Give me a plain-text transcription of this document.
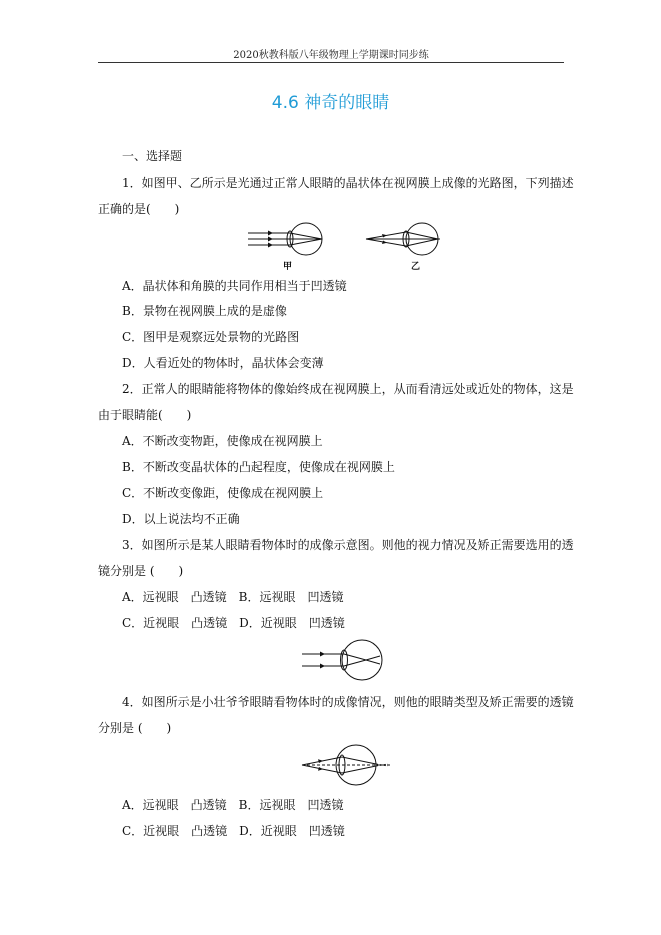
2020秋教科版八年级物理上学期课时同步练
4.6 神奇的眼睛
一、选择题
1．如图甲、乙所示是光通过正常人眼睛的晶状体在视网膜上成像的光路图，下列描述
正确的是(　　)
甲	乙
A．晶状体和角膜的共同作用相当于凹透镜
B．景物在视网膜上成的是虚像
C．图甲是观察远处景物的光路图
D．人看近处的物体时，晶状体会变薄
2．正常人的眼睛能将物体的像始终成在视网膜上，从而看清远处或近处的物体，这是
由于眼睛能(　　)
A．不断改变物距，使像成在视网膜上
B．不断改变晶状体的凸起程度，使像成在视网膜上
C．不断改变像距，使像成在视网膜上
D．以上说法均不正确
3．如图所示是某人眼睛看物体时的成像示意图。则他的视力情况及矫正需要选用的透
镜分别是 (　　)
A．远视眼　凸透镜　B．远视眼　凹透镜
C．近视眼　凸透镜　D．近视眼　凹透镜
4．如图所示是小壮爷爷眼睛看物体时的成像情况，则他的眼睛类型及矫正需要的透镜
分别是 (　　)
A．远视眼　凸透镜　B．远视眼　凹透镜
C．近视眼　凸透镜　D．近视眼　凹透镜
